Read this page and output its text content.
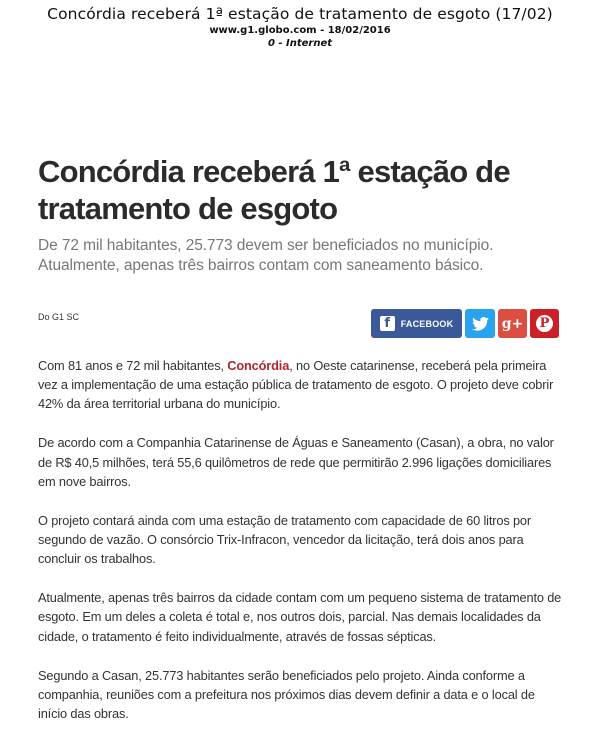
Concórdia receberá 1ª estação de tratamento de esgoto (17/02)
www.g1.globo.com - 18/02/2016
0 - Internet
Concórdia receberá 1ª estação de tratamento de esgoto

De 72 mil habitantes, 25.773 devem ser beneficiados no município. Atualmente, apenas três bairros contam com saneamento básico.

Do G1 SC	f	FACEBOOK	g+ P

Com 81 anos e 72 mil habitantes, Concórdia, no Oeste catarinense, receberá pela primeira vez a implementação de uma estação pública de tratamento de esgoto. O projeto deve cobrir 42% da área territorial urbana do município.

De acordo com a Companhia Catarinense de Águas e Saneamento (Casan), a obra, no valor de R$ 40,5 milhões, terá 55,6 quilômetros de rede que permitirão 2.996 ligações domiciliares em nove bairros.

O projeto contará ainda com uma estação de tratamento com capacidade de 60 litros por segundo de vazão. O consórcio Trix-Infracon, vencedor da licitação, terá dois anos para concluir os trabalhos.

Atualmente, apenas três bairros da cidade contam com um pequeno sistema de tratamento de esgoto. Em um deles a coleta é total e, nos outros dois, parcial. Nas demais localidades da cidade, o tratamento é feito individualmente, através de fossas sépticas.

Segundo a Casan, 25.773 habitantes serão beneficiados pelo projeto. Ainda conforme a companhia, reuniões com a prefeitura nos próximos dias devem definir a data e o local de início das obras.
